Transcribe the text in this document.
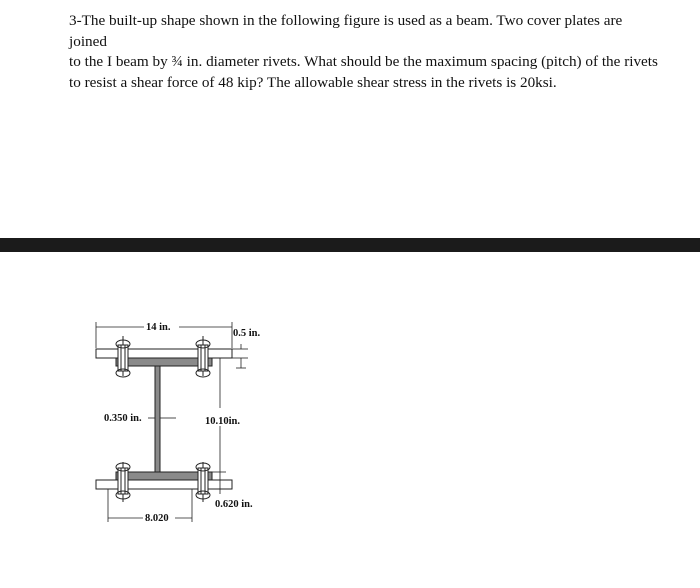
3-The built-up shape shown in the following figure is used as a beam. Two cover plates are joined
to the I beam by ¾ in. diameter rivets. What should be the maximum spacing (pitch) of the rivets
to resist a shear force of 48 kip? The allowable shear stress in the rivets is 20ksi.
14 in.
0.5 in.
10.10in.
0.350 in.
0.620 in.
8.020
